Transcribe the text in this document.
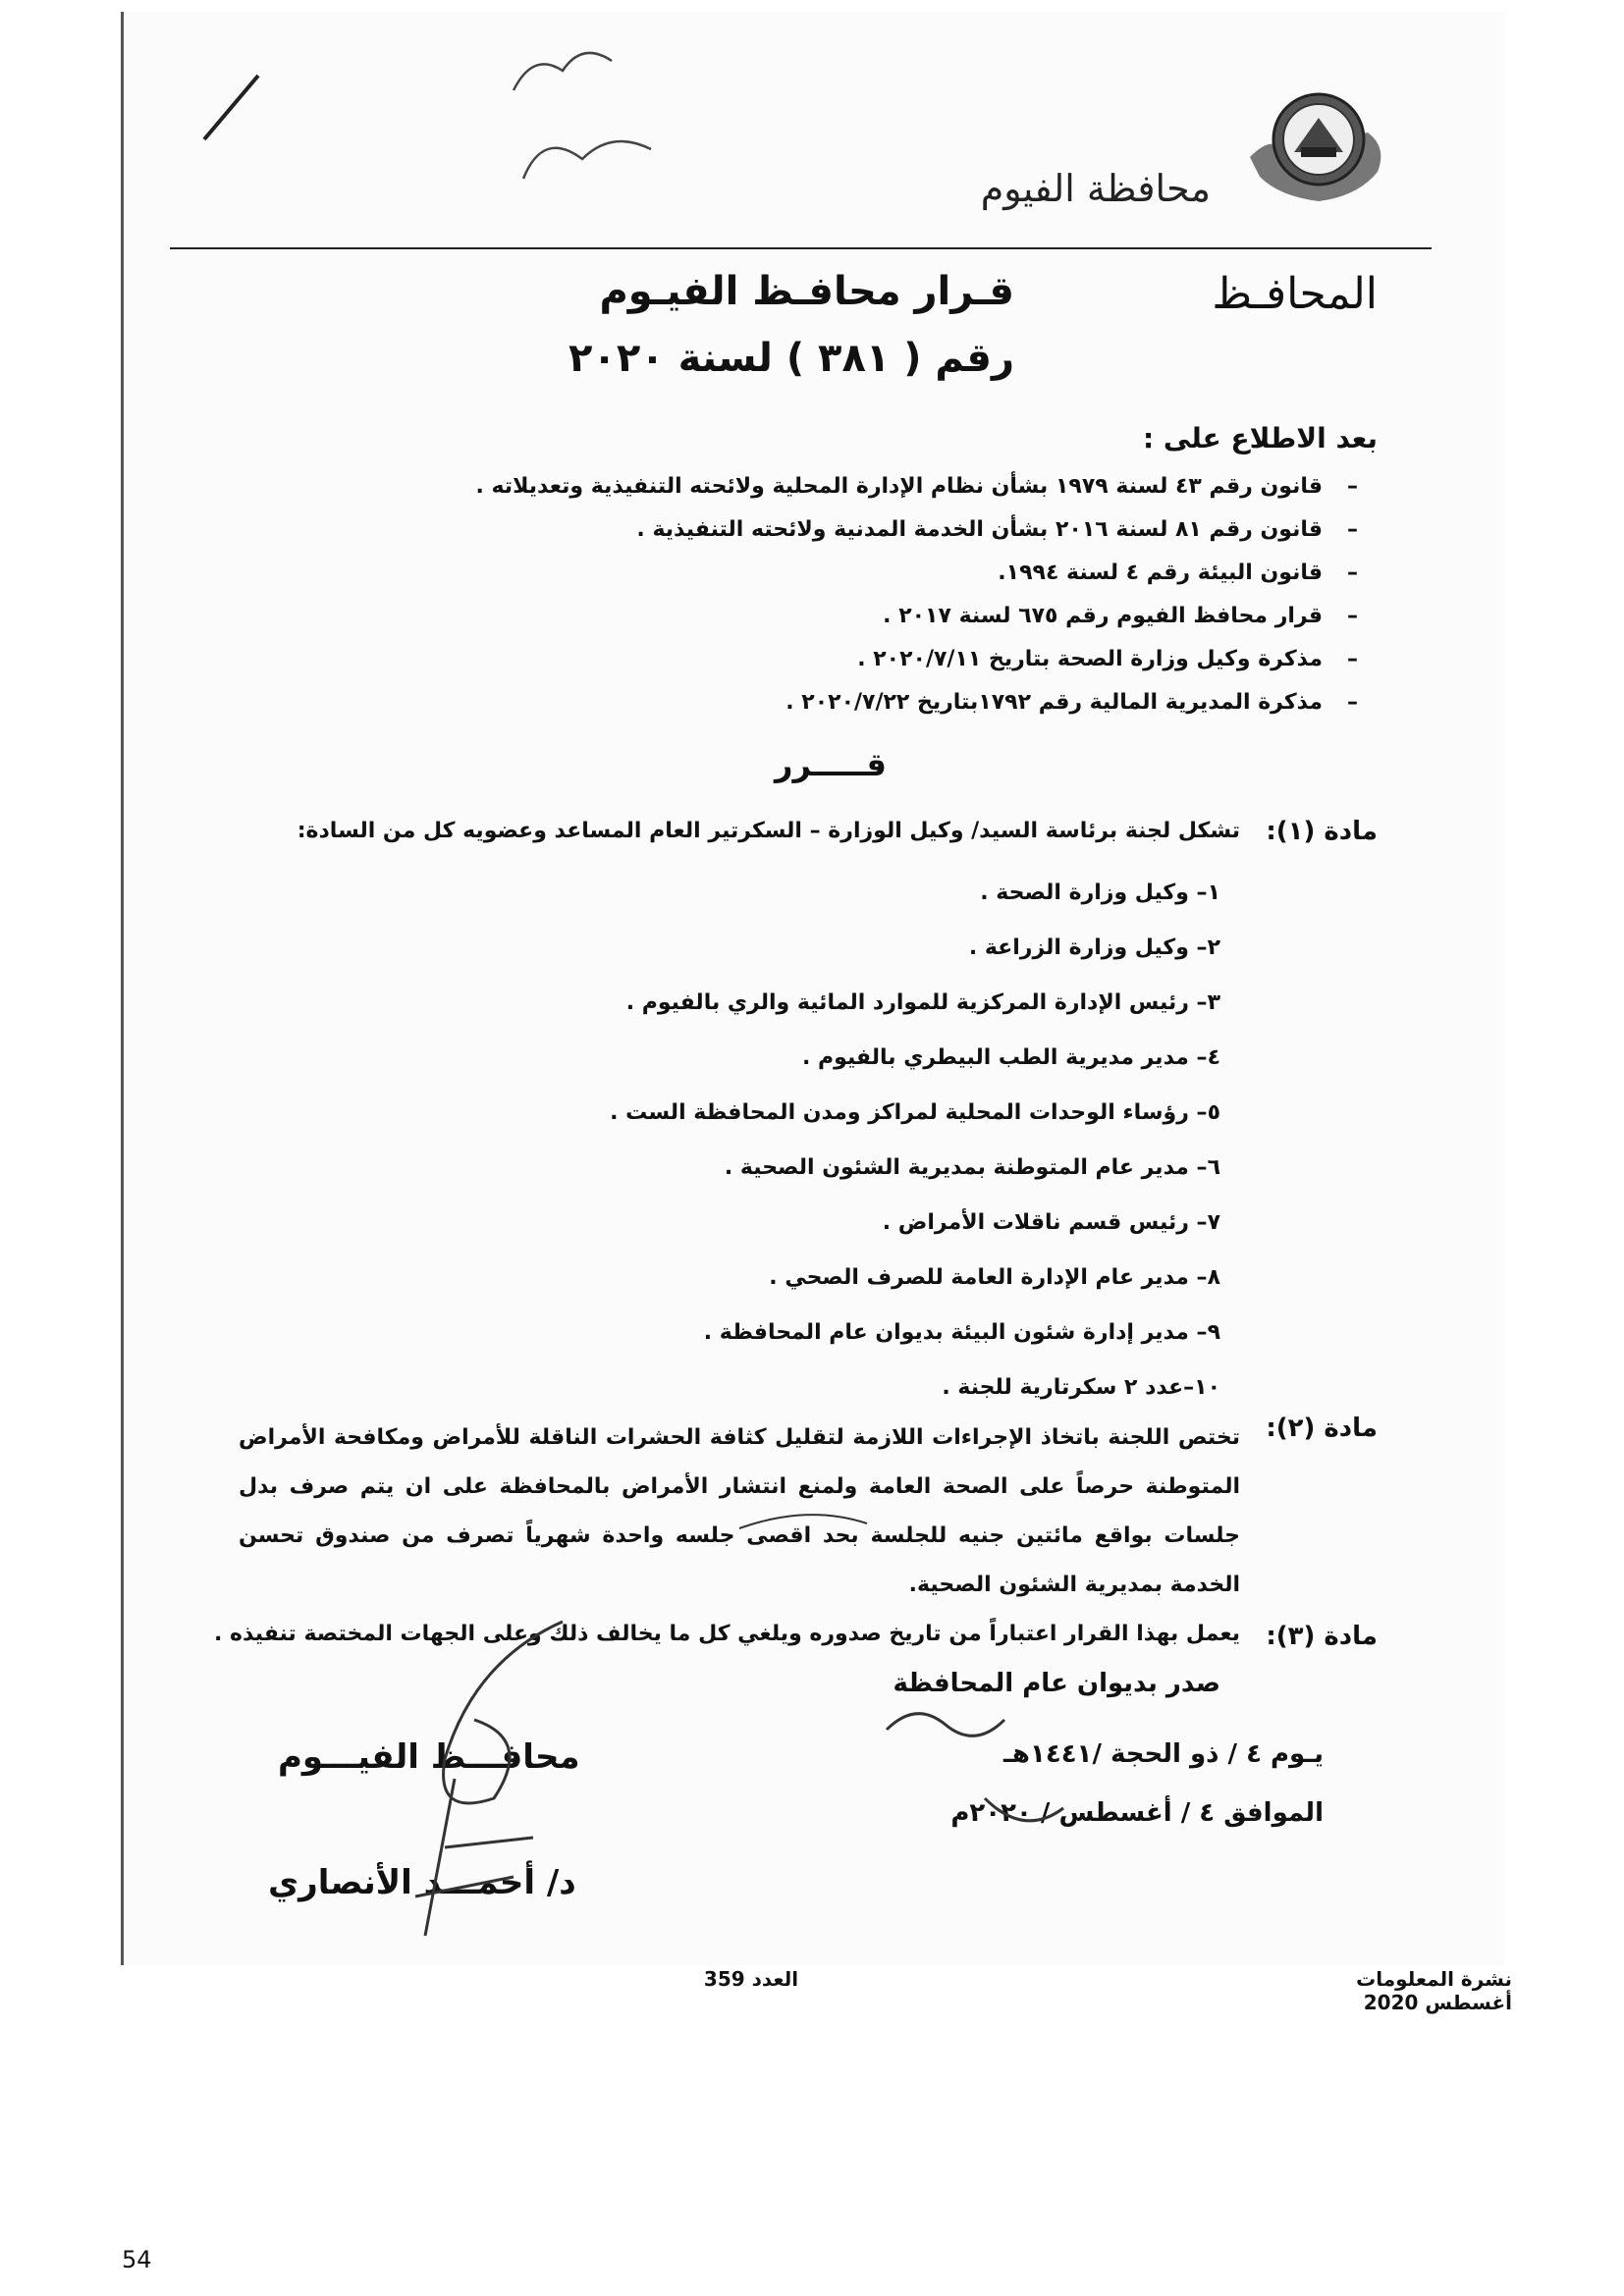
محافظة الفيوم
المحافـظ
قـرار محافـظ الفيـوم
رقم ( ٣٨١ ) لسنة ٢٠٢٠
بعد الاطلاع على :
–قانون رقم ٤٣ لسنة ١٩٧٩ بشأن نظام الإدارة المحلية ولائحته التنفيذية وتعديلاته .
–قانون رقم ٨١ لسنة ٢٠١٦ بشأن الخدمة المدنية ولائحته التنفيذية .
–قانون البيئة رقم ٤ لسنة ١٩٩٤.
–قرار محافظ الفيوم رقم ٦٧٥ لسنة ٢٠١٧ .
–مذكرة وكيل وزارة الصحة بتاريخ ٢٠٢٠/٧/١١ .
–مذكرة المديرية المالية رقم ١٧٩٢بتاريخ ٢٠٢٠/٧/٢٢ .
قـــــرر
مادة (١):
تشكل لجنة برئاسة السيد/ وكيل الوزارة – السكرتير العام المساعد وعضويه كل من السادة:
١– وكيل وزارة الصحة .
٢– وكيل وزارة الزراعة .
٣– رئيس الإدارة المركزية للموارد المائية والري بالفيوم .
٤– مدير مديرية الطب البيطري بالفيوم .
٥– رؤساء الوحدات المحلية لمراكز ومدن المحافظة الست .
٦– مدير عام المتوطنة بمديرية الشئون الصحية .
٧– رئيس قسم ناقلات الأمراض .
٨– مدير عام الإدارة العامة للصرف الصحي .
٩– مدير إدارة شئون البيئة بديوان عام المحافظة .
١٠–عدد ٢ سكرتارية للجنة .
مادة (٢):
تختص اللجنة باتخاذ الإجراءات اللازمة لتقليل كثافة الحشرات الناقلة للأمراض ومكافحة الأمراض المتوطنة حرصاً على الصحة العامة ولمنع انتشار الأمراض بالمحافظة على ان يتم صرف بدل جلسات بواقع مائتين جنيه للجلسة بحد اقصى جلسه واحدة شهرياً تصرف من صندوق تحسن الخدمة بمديرية الشئون الصحية.
مادة (٣):
يعمل بهذا القرار اعتباراً من تاريخ صدوره ويلغي كل ما يخالف ذلك وعلى الجهات المختصة تنفيذه .
صدر بديوان عام المحافظة
محافـــظ الفيـــوم
د/ أحمـــد الأنصاري
يـوم ٤ / ذو الحجة /١٤٤١هـ
الموافق ٤ / أغسطس / ٢٠٢٠م
نشرة المعلومات
أغسطس 2020
العدد 359
54
